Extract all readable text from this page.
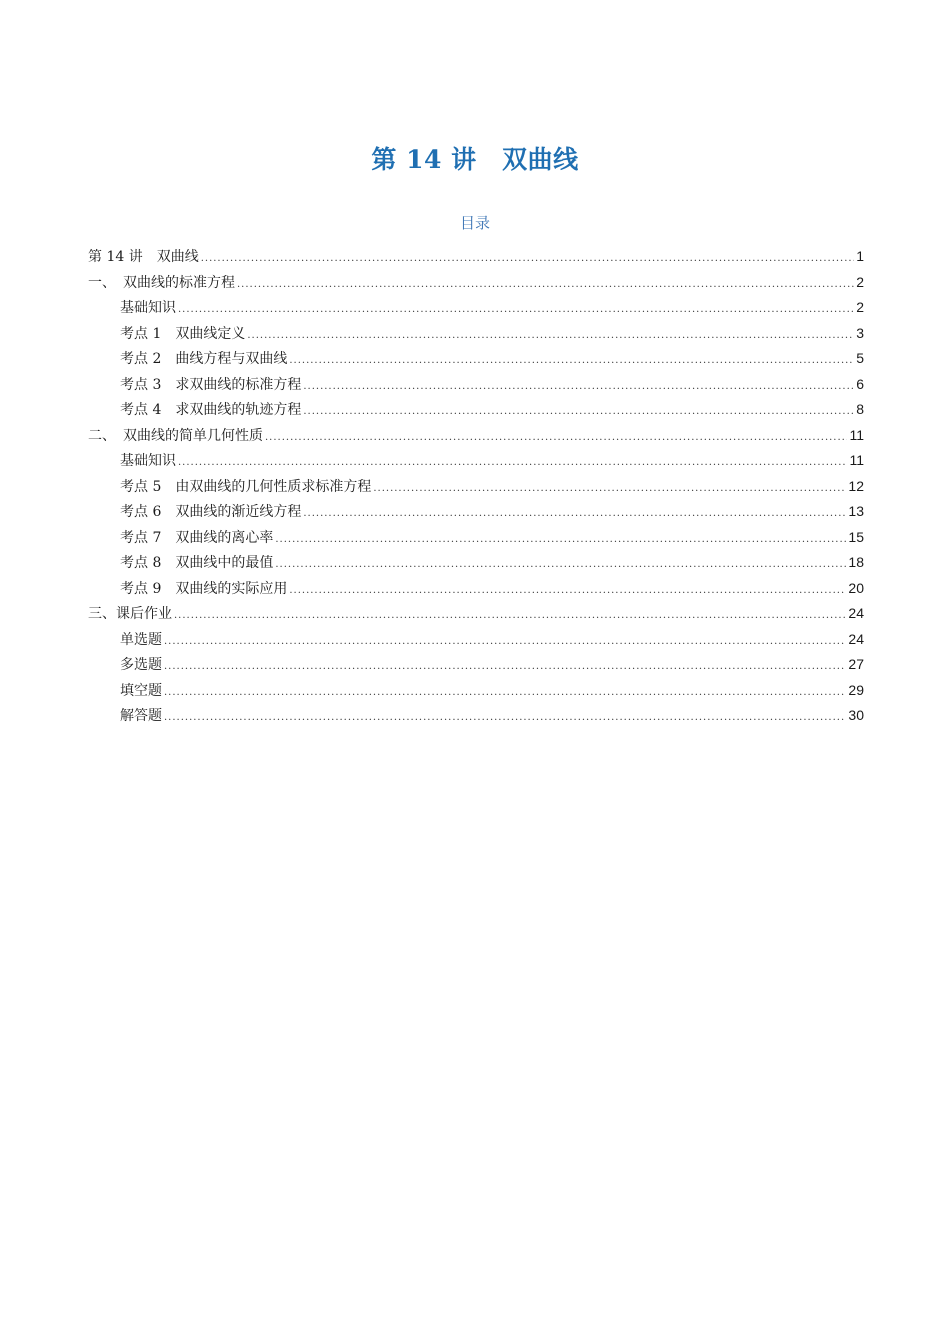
第 14 讲　双曲线
目录
第 14 讲　双曲线 .....	1
一、　双曲线的标准方程 .....	2
基础知识 .....	2
考点 1　双曲线定义 .....	3
考点 2　曲线方程与双曲线 .....	5
考点 3　求双曲线的标准方程 .....	6
考点 4　求双曲线的轨迹方程 .....	8
二、　双曲线的简单几何性质 .....	11
基础知识 .....	11
考点 5　由双曲线的几何性质求标准方程 .....	12
考点 6　双曲线的渐近线方程 .....	13
考点 7　双曲线的离心率 .....	15
考点 8　双曲线中的最值 .....	18
考点 9　双曲线的实际应用 .....	20
三、课后作业 .....	24
单选题 .....	24
多选题 .....	27
填空题 .....	29
解答题 .....	30
